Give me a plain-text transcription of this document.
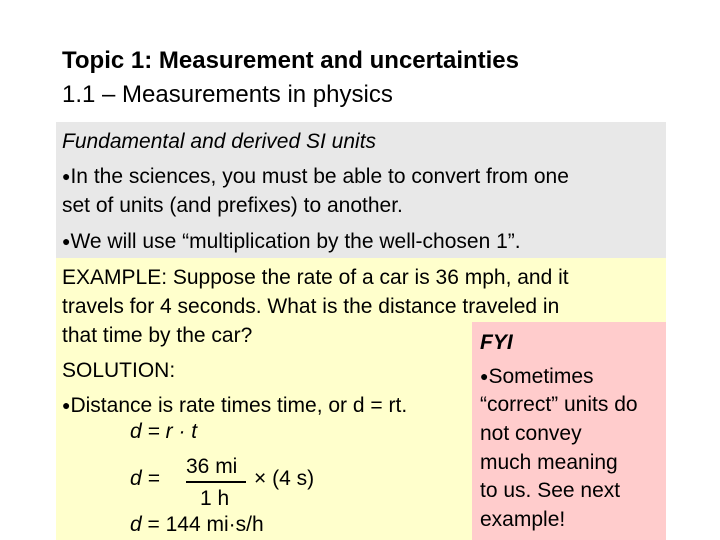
Topic 1: Measurement and uncertainties
1.1 – Measurements in physics
Fundamental and derived SI units
●In the sciences, you must be able to convert from one
set of units (and prefixes) to another.
●We will use “multiplication by the well-chosen 1”.
EXAMPLE: Suppose the rate of a car is 36 mph, and it
travels for 4 seconds. What is the distance traveled in
that time by the car?
SOLUTION:
●Distance is rate times time, or d = rt.
d = r · t
d =
36 mi
1 h
× (4 s)
d = 144 mi·s/h
FYI
●Sometimes
“correct” units do
not convey
much meaning
to us. See next
example!
